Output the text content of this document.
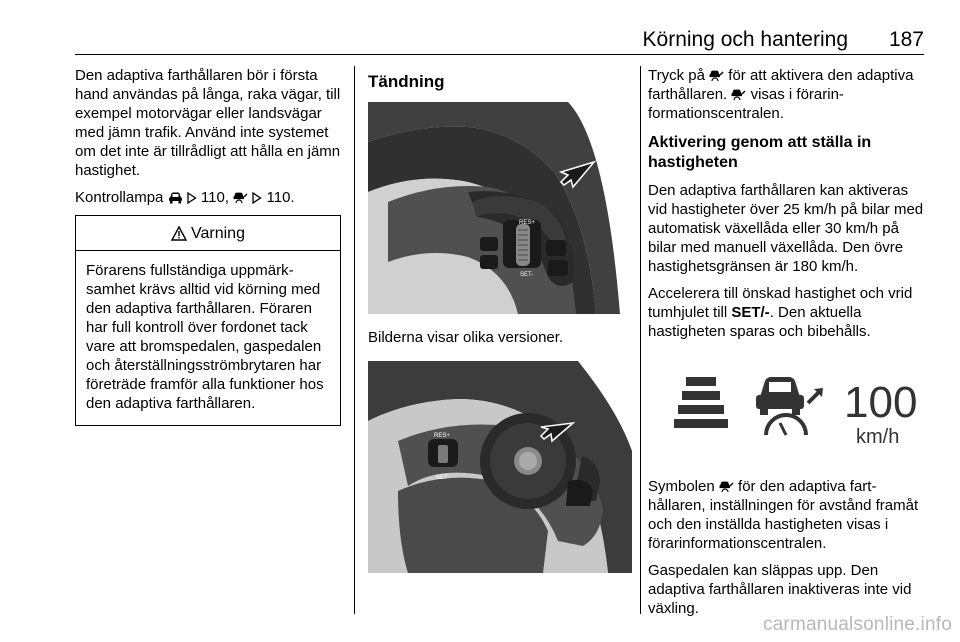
Körning och hantering 187

Den adaptiva farthållaren bör i första hand användas på långa, raka vägar, till exempel motorvägar eller landsvägar med jämn trafik. Använd inte systemet om det inte är tillrådligt att hålla en jämn hastighet.

Kontrollampa	110,	110.

Varning
Förarens fullständiga uppmärksamhet krävs alltid vid körning med den adaptiva farthållaren. Föraren har full kontroll över fordonet tack vare att bromspedalen, gaspedalen och återställningsströmbrytaren har företräde framför alla funktioner hos den adaptiva farthållaren.
Tändning
RES+
SET-

Bilderna visar olika versioner.

RES+
SET-

Tryck på för att aktivera den adaptiva farthållaren. visas i förarinformationscentralen.

Aktivering genom att ställa in hastigheten

Den adaptiva farthållaren kan aktiveras vid hastigheter över 25 km/h på bilar med automatisk växellåda eller 30 km/h på bilar med manuell växellåda. Den övre hastighetsgränsen är 180 km/h.

Accelerera till önskad hastighet och vrid tumhjulet till SET/-. Den aktuella hastigheten sparas och bibehålls.

100
km/h

Symbolen för den adaptiva farthållaren, inställningen för avstånd framåt och den inställda hastigheten visas i förarinformationscentralen.

Gaspedalen kan släppas upp. Den adaptiva farthållaren inaktiveras inte vid växling.

carmanualsonline.info
